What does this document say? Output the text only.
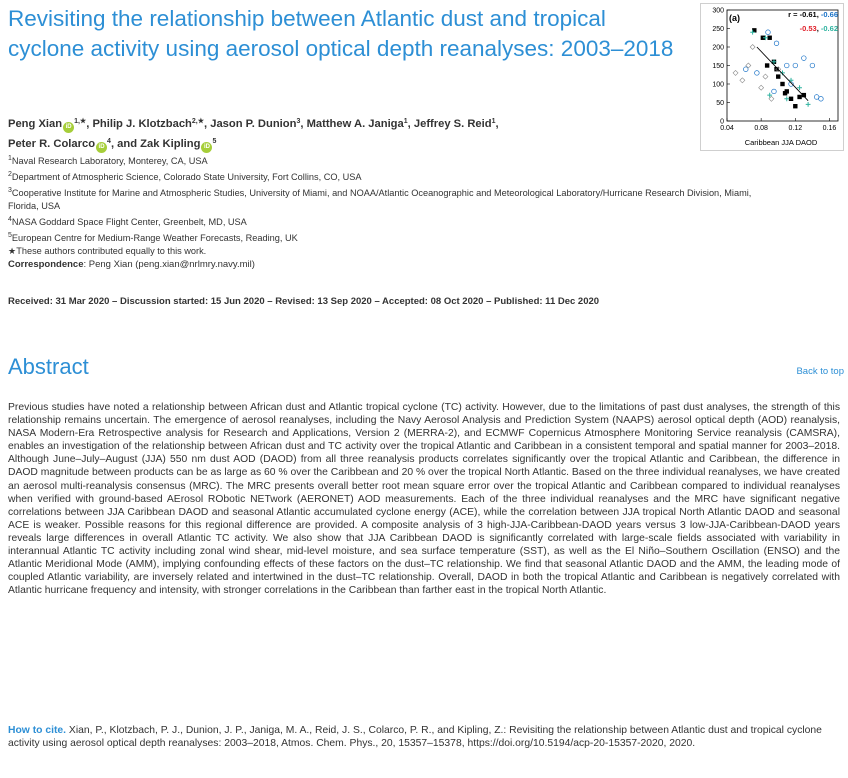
Revisiting the relationship between Atlantic dust and tropical cyclone activity using aerosol optical depth reanalyses: 2003–2018
0
50
100
150
200
250
300
0.04	0.08	0.12	0.16
(a)	r = -0.61, -0.66
-0.53, -0.62
Caribbean JJA DAOD
Peng Xian $iD^{1,★}$, Philip J. Klotzbach$^{2,★}$, Jason P. Dunion$^3$, Matthew A. Janiga$^1$, Jeffrey S. Reid$^1$,
Peter R. Colarco $iD^4$, and Zak Kipling $iD^5$
$^1$Naval Research Laboratory, Monterey, CA, USA
$^2$Department of Atmospheric Science, Colorado State University, Fort Collins, CO, USA
$^3$Cooperative Institute for Marine and Atmospheric Studies, University of Miami, and NOAA/Atlantic Oceanographic and Meteorological Laboratory/Hurricane Research Division, Miami, Florida, USA
$^4$NASA Goddard Space Flight Center, Greenbelt, MD, USA
$^5$European Centre for Medium-Range Weather Forecasts, Reading, UK
★These authors contributed equally to this work.
Correspondence: Peng Xian (peng.xian@nrlmry.navy.mil)
Received: 31 Mar 2020 – Discussion started: 15 Jun 2020 – Revised: 13 Sep 2020 – Accepted: 08 Oct 2020 – Published: 11 Dec 2020
Abstract	Back to top

Previous studies have noted a relationship between African dust and Atlantic tropical cyclone (TC) activity. However, due to the limitations of past dust analyses, the strength of this relationship remains uncertain. The emergence of aerosol reanalyses, including the Navy Aerosol Analysis and Prediction System (NAAPS) aerosol optical depth (AOD) reanalysis, NASA Modern-Era Retrospective analysis for Research and Applications, Version 2 (MERRA-2), and ECMWF Copernicus Atmosphere Monitoring Service reanalysis (CAMSRA), enables an investigation of the relationship between African dust and TC activity over the tropical Atlantic and Caribbean in a consistent temporal and spatial manner for 2003–2018. Although June–July–August (JJA) 550 nm dust AOD (DAOD) from all three reanalysis products correlates significantly over the tropical Atlantic and Caribbean, the difference in DAOD magnitude between products can be as large as 60 % over the Caribbean and 20 % over the tropical North Atlantic. Based on the three individual reanalyses, we have created an aerosol multi-reanalysis consensus (MRC). The MRC presents overall better root mean square error over the tropical Atlantic and Caribbean compared to individual reanalyses when verified with ground-based AErosol RObotic NETwork (AERONET) AOD measurements. Each of the three individual reanalyses and the MRC have significant negative correlations between JJA Caribbean DAOD and seasonal Atlantic accumulated cyclone energy (ACE), while the correlation between JJA tropical North Atlantic DAOD and seasonal ACE is weaker. Possible reasons for this regional difference are provided. A composite analysis of 3 high-JJA-Caribbean-DAOD years versus 3 low-JJA-Caribbean-DAOD years reveals large differences in overall Atlantic TC activity. We also show that JJA Caribbean DAOD is significantly correlated with large-scale fields associated with variability in interannual Atlantic TC activity including zonal wind shear, mid-level moisture, and sea surface temperature (SST), as well as the El Niño–Southern Oscillation (ENSO) and the Atlantic Meridional Mode (AMM), implying confounding effects of these factors on the dust–TC relationship. We find that seasonal Atlantic DAOD and the AMM, the leading mode of coupled Atlantic variability, are inversely related and intertwined in the dust–TC relationship. Overall, DAOD in both the tropical Atlantic and Caribbean is negatively correlated with Atlantic hurricane frequency and intensity, with stronger correlations in the Caribbean than farther east in the tropical North Atlantic.

How to cite. Xian, P., Klotzbach, P. J., Dunion, J. P., Janiga, M. A., Reid, J. S., Colarco, P. R., and Kipling, Z.: Revisiting the relationship between Atlantic dust and tropical cyclone activity using aerosol optical depth reanalyses: 2003–2018, Atmos. Chem. Phys., 20, 15357–15378, https://doi.org/10.5194/acp-20-15357-2020, 2020.
